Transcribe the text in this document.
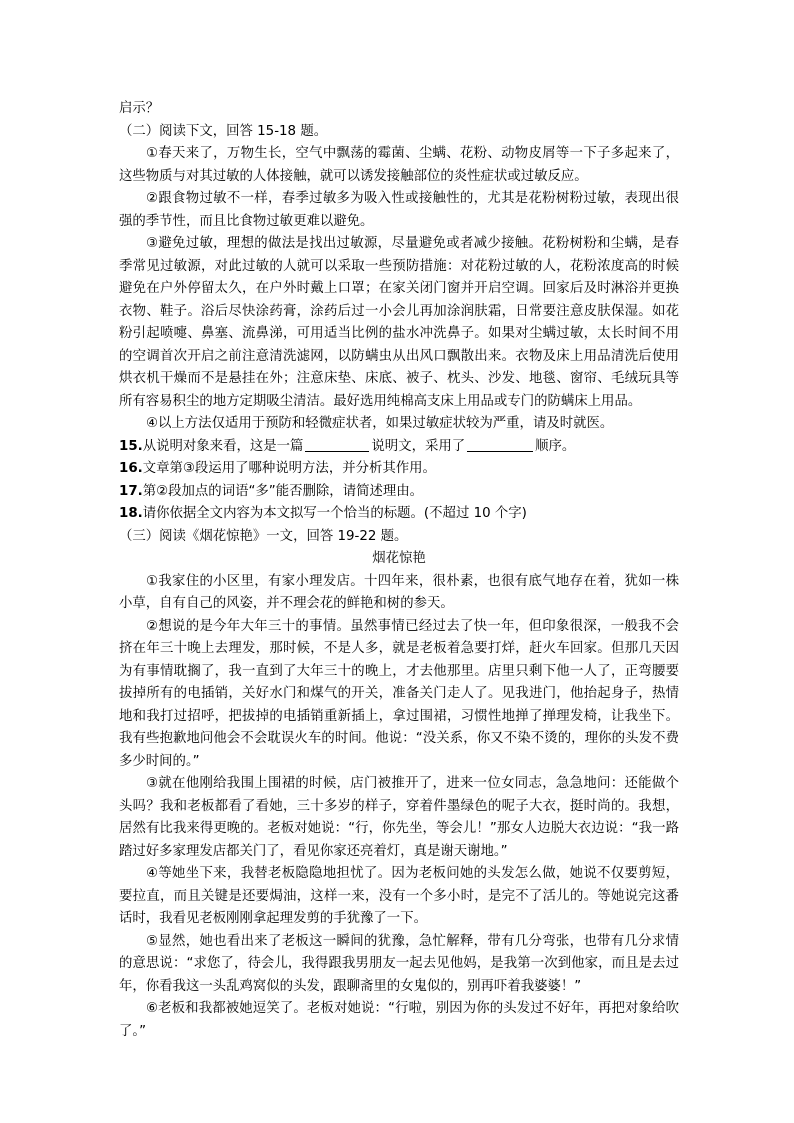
启示？
（二）阅读下文，回答 15-18 题。
①春天来了，万物生长，空气中飘荡的霉菌、尘螨、花粉、动物皮屑等一下子多起来了，这些物质与对其过敏的人体接触，就可以诱发接触部位的炎性症状或过敏反应。
②跟食物过敏不一样，春季过敏多为吸入性或接触性的，尤其是花粉树粉过敏，表现出很强的季节性，而且比食物过敏更难以避免。
③避免过敏，理想的做法是找出过敏源，尽量避免或者减少接触。花粉树粉和尘螨，是春季常见过敏源，对此过敏的人就可以采取一些预防措施：对花粉过敏的人，花粉浓度高的时候避免在户外停留太久，在户外时戴上口罩；在家关闭门窗并开启空调。回家后及时淋浴并更换衣物、鞋子。浴后尽快涂药膏，涂药后过一小会儿再加涂润肤霜，日常要注意皮肤保湿。如花粉引起喷嚏、鼻塞、流鼻涕，可用适当比例的盐水冲洗鼻子。如果对尘螨过敏，太长时间不用的空调首次开启之前注意清洗滤网，以防螨虫从出风口飘散出来。衣物及床上用品清洗后使用烘衣机干燥而不是悬挂在外；注意床垫、床底、被子、枕头、沙发、地毯、窗帘、毛绒玩具等所有容易积尘的地方定期吸尘清洁。最好选用纯棉高支床上用品或专门的防螨床上用品。
④以上方法仅适用于预防和轻微症状者，如果过敏症状较为严重，请及时就医。
15.从说明对象来看，这是一篇	说明文，采用了	顺序。
16.文章第③段运用了哪种说明方法，并分析其作用。
17.第②段加点的词语“多”能否删除，请简述理由。
18.请你依据全文内容为本文拟写一个恰当的标题。(不超过 10 个字)
（三）阅读《烟花惊艳》一文，回答 19-22 题。
烟花惊艳
①我家住的小区里，有家小理发店。十四年来，很朴素，也很有底气地存在着，犹如一株小草，自有自己的风姿，并不理会花的鲜艳和树的参天。
②想说的是今年大年三十的事情。虽然事情已经过去了快一年，但印象很深，一般我不会挤在年三十晚上去理发，那时候，不是人多，就是老板着急要打烊，赶火车回家。但那几天因为有事情耽搁了，我一直到了大年三十的晚上，才去他那里。店里只剩下他一人了，正弯腰要拔掉所有的电插销，关好水门和煤气的开关，准备关门走人了。见我进门，他抬起身子，热情地和我打过招呼，把拔掉的电插销重新插上，拿过围裙，习惯性地掸了掸理发椅，让我坐下。我有些抱歉地问他会不会耽误火车的时间。他说：“没关系，你又不染不烫的，理你的头发不费多少时间的。”
③就在他刚给我围上围裙的时候，店门被推开了，进来一位女同志，急急地问：还能做个头吗？我和老板都看了看她，三十多岁的样子，穿着件墨绿色的呢子大衣，挺时尚的。我想，居然有比我来得更晚的。老板对她说：“行，你先坐，等会儿！”那女人边脱大衣边说：“我一路踏过好多家理发店都关门了，看见你家还亮着灯，真是谢天谢地。”
④等她坐下来，我替老板隐隐地担忧了。因为老板问她的头发怎么做，她说不仅要剪短，要拉直，而且关键是还要焗油，这样一来，没有一个多小时，是完不了活儿的。等她说完这番话时，我看见老板刚刚拿起理发剪的手犹豫了一下。
⑤显然，她也看出来了老板这一瞬间的犹豫，急忙解释，带有几分弯张，也带有几分求情的意思说：“求您了，待会儿，我得跟我男朋友一起去见他妈，是我第一次到他家，而且是去过年，你看我这一头乱鸡窝似的头发，跟聊斋里的女鬼似的，别再吓着我婆婆！”
⑥老板和我都被她逗笑了。老板对她说：“行啦，别因为你的头发过不好年，再把对象给吹了。”
